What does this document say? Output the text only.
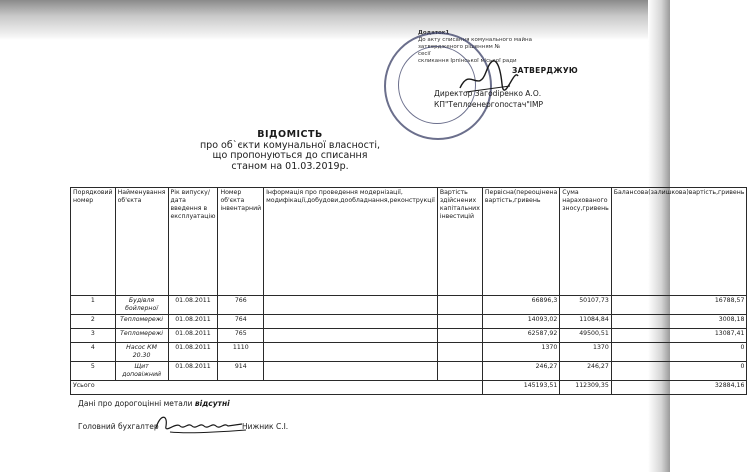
Додаток1
До акту списання комунального майна
затвердженого рішенням №
сесії
скликання Ірпінської міської ради
ЗАТВЕРДЖУЮ
Директор Загоdіренко А.О.
КП"Теплоенергопостач"ІМР
ВІДОМІСТЬ
про об`єкти комунальної власності,
що пропонуються до списання
станом на 01.03.2019р.
Порядковий номер	Найменування об'єкта	Рік випуску/дата введення в експлуатацію	Номер об'єкта інвентарний	Інформація про проведення модернізації, модифікації,добудови,дообладнання,реконструкції	Вартість здійснених капітальних інвестицій	Первісна(переоцінена вартість,гривень	Сума нарахованого зносу,гривень	Балансова(залишкова)вартість,гривень
1	Будівля бойлерної	01.08.2011	766			66896,3	50107,73	16788,57
2	Тепломережі	01.08.2011	764			14093,02	11084,84	3008,18
3	Тепломережі	01.08.2011	765			62587,92	49500,51	13087,41
4	Насос КМ 20.30	01.08.2011	1110			1370	1370	0
5	Щит доповіжний	01.08.2011	914			246,27	246,27	0
Усього						145193,51	112309,35	32884,16
Дані про дорогоцінні метали відсутні
Головний бухгалтер	Нижник С.І.
